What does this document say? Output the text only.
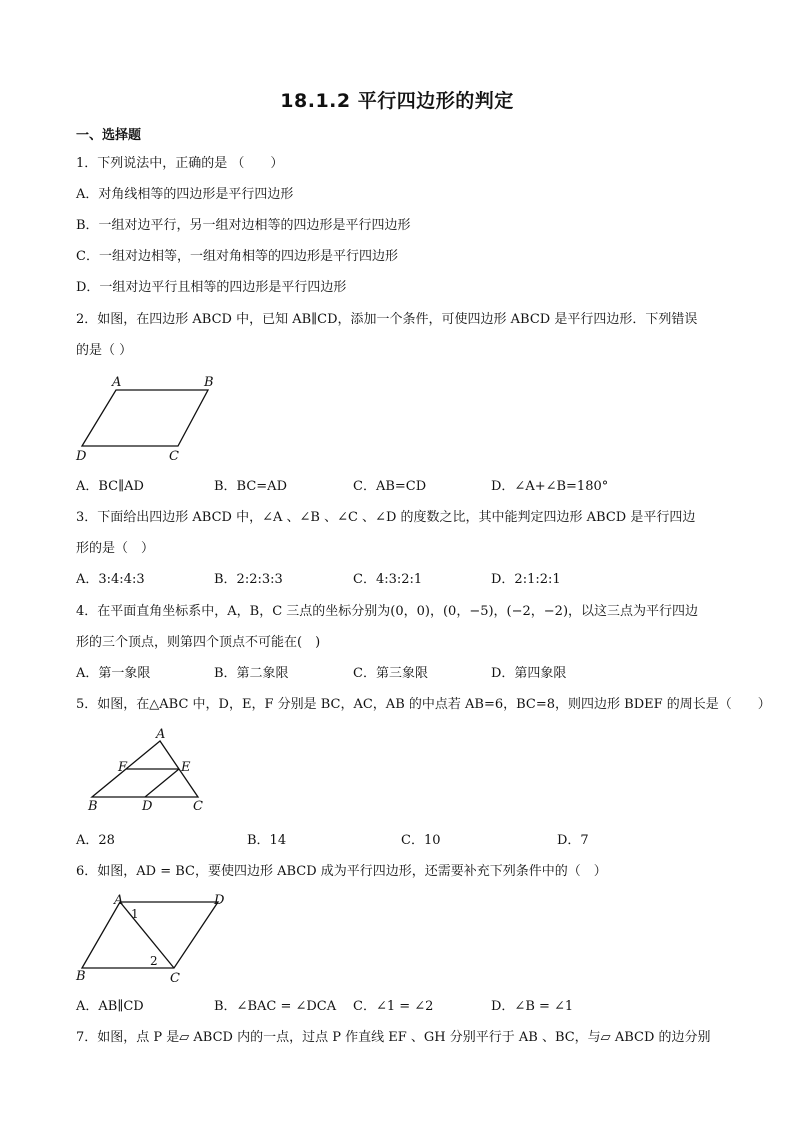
18.1.2 平行四边形的判定
一、选择题
1．下列说法中，正确的是 （　　）
A．对角线相等的四边形是平行四边形
B．一组对边平行，另一组对边相等的四边形是平行四边形
C．一组对边相等，一组对角相等的四边形是平行四边形
D．一组对边平行且相等的四边形是平行四边形
2．如图，在四边形 ABCD 中，已知 AB∥CD，添加一个条件，可使四边形 ABCD 是平行四边形．下列错误
的是（ ）
A	B
C
D
A．BC∥AD	B．BC=AD	C．AB=CD	D．∠A+∠B=180°
3．下面给出四边形 ABCD 中，∠A 、∠B 、∠C 、∠D 的度数之比，其中能判定四边形 ABCD 是平行四边
形的是（　）
A．3:4:4:3	B．2:2:3:3	C．4:3:2:1	D．2:1:2:1
4．在平面直角坐标系中，A，B，C 三点的坐标分别为(0，0)，(0，−5)，(−2，−2)，以这三点为平行四边
形的三个顶点，则第四个顶点不可能在(　)
A．第一象限	B．第二象限	C．第三象限	D．第四象限
5．如图，在△ABC 中，D，E，F 分别是 BC，AC，AB 的中点若 AB=6，BC=8，则四边形 BDEF 的周长是（　　）
A
F	E
B	D	C
A．28	B．14	C．10	D．7
6．如图，AD = BC，要使四边形 ABCD 成为平行四边形，还需要补充下列条件中的（　）
A	D
B	C
1
2
A．AB∥CD	B．∠BAC = ∠DCA C．∠1 = ∠2	D．∠B = ∠1
7．如图，点 P 是▱ ABCD 内的一点，过点 P 作直线 EF 、GH 分别平行于 AB 、BC，与▱ ABCD 的边分别
